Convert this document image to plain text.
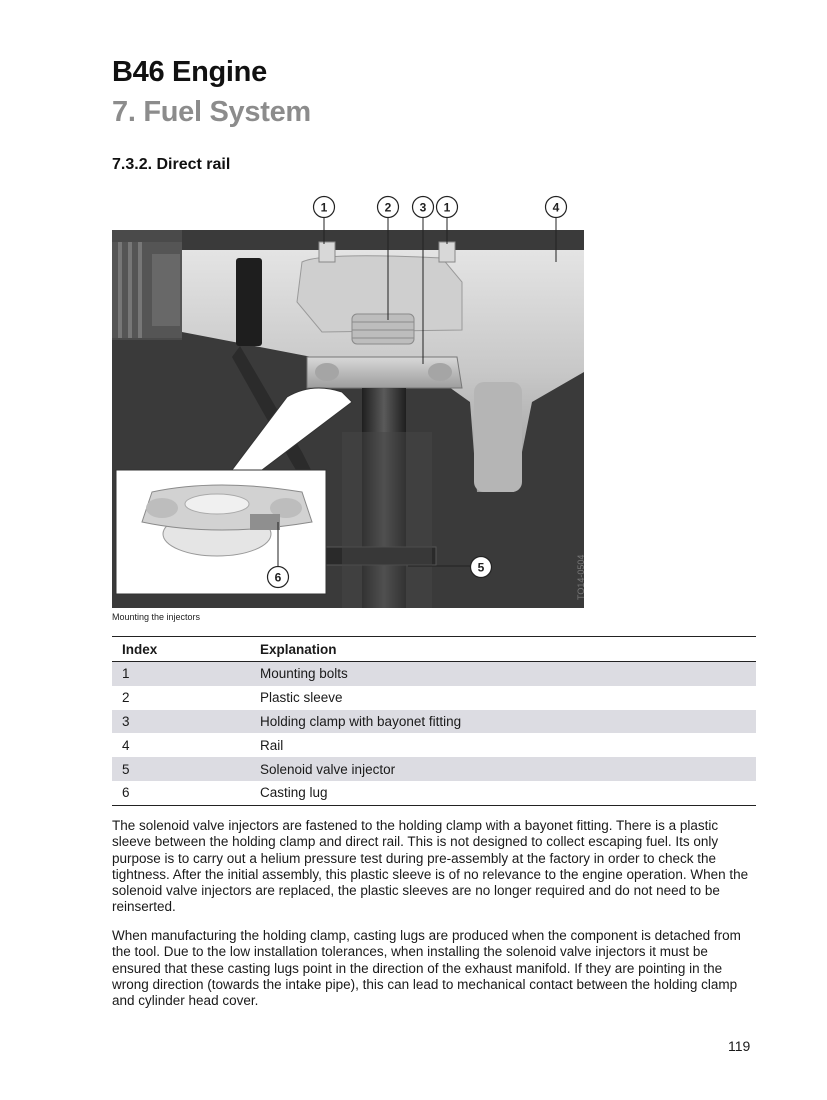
B46 Engine
7. Fuel System
7.3.2. Direct rail
1	2 3 1	4
5
6	TO14-0504
Mounting the injectors
Index	Explanation
1	Mounting bolts
2	Plastic sleeve
3	Holding clamp with bayonet fitting
4	Rail
5	Solenoid valve injector
6	Casting lug

The solenoid valve injectors are fastened to the holding clamp with a bayonet fitting. There is a plastic sleeve between the holding clamp and direct rail. This is not designed to collect escaping fuel. Its only purpose is to carry out a helium pressure test during pre-assembly at the factory in order to check the tightness. After the initial assembly, this plastic sleeve is of no relevance to the engine operation. When the solenoid valve injectors are replaced, the plastic sleeves are no longer required and do not need to be reinserted.

When manufacturing the holding clamp, casting lugs are produced when the component is detached from the tool. Due to the low installation tolerances, when installing the solenoid valve injectors it must be ensured that these casting lugs point in the direction of the exhaust manifold. If they are pointing in the wrong direction (towards the intake pipe), this can lead to mechanical contact between the holding clamp and cylinder head cover.

119
